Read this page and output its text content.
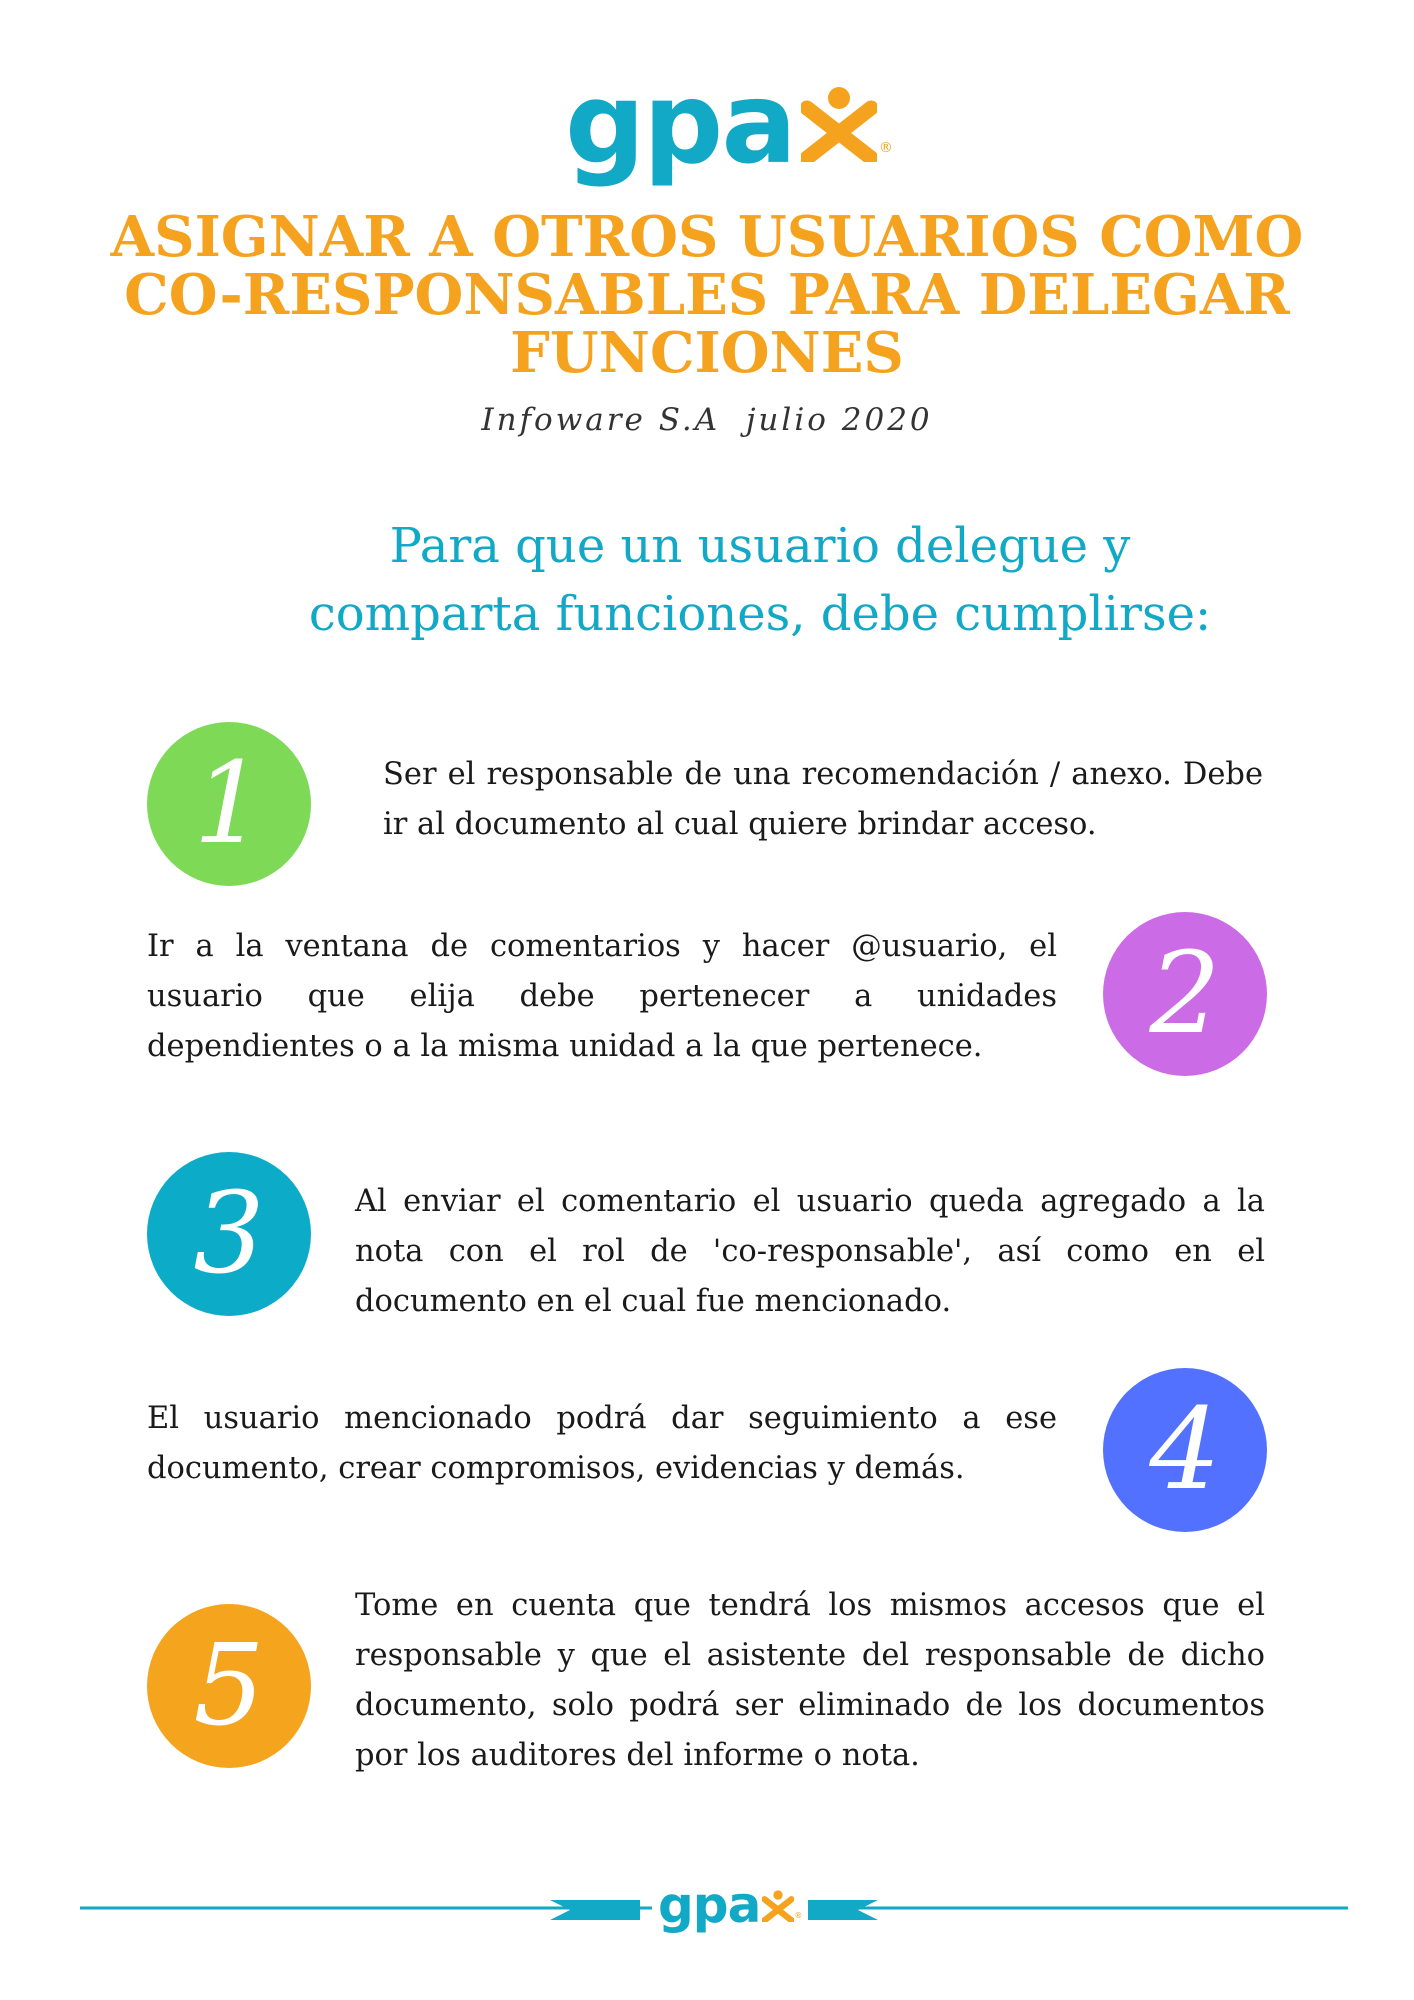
gpa	®
ASIGNAR A OTROS USUARIOS COMO CO-RESPONSABLES PARA DELEGAR FUNCIONES
Infoware S.A  julio 2020
Para que un usuario delegue y comparta funciones, debe cumplirse:
1	Ser el responsable de una recomendación / anexo. Debe ir al documento al cual quiere brindar acceso.

2

Ir a la ventana de comentarios y hacer @usuario, el usuario que elija debe pertenecer a unidades dependientes o a la misma unidad a la que pertenece.

3	Al enviar el comentario el usuario queda agregado a la nota con el rol de 'co-responsable', así como en el documento en el cual fue mencionado.

4

El usuario mencionado podrá dar seguimiento a ese documento, crear compromisos, evidencias y demás.

5

Tome en cuenta que tendrá los mismos accesos que el responsable y que el asistente del responsable de dicho documento, solo podrá ser eliminado de los documentos por los auditores del informe o nota.

gpa	®
